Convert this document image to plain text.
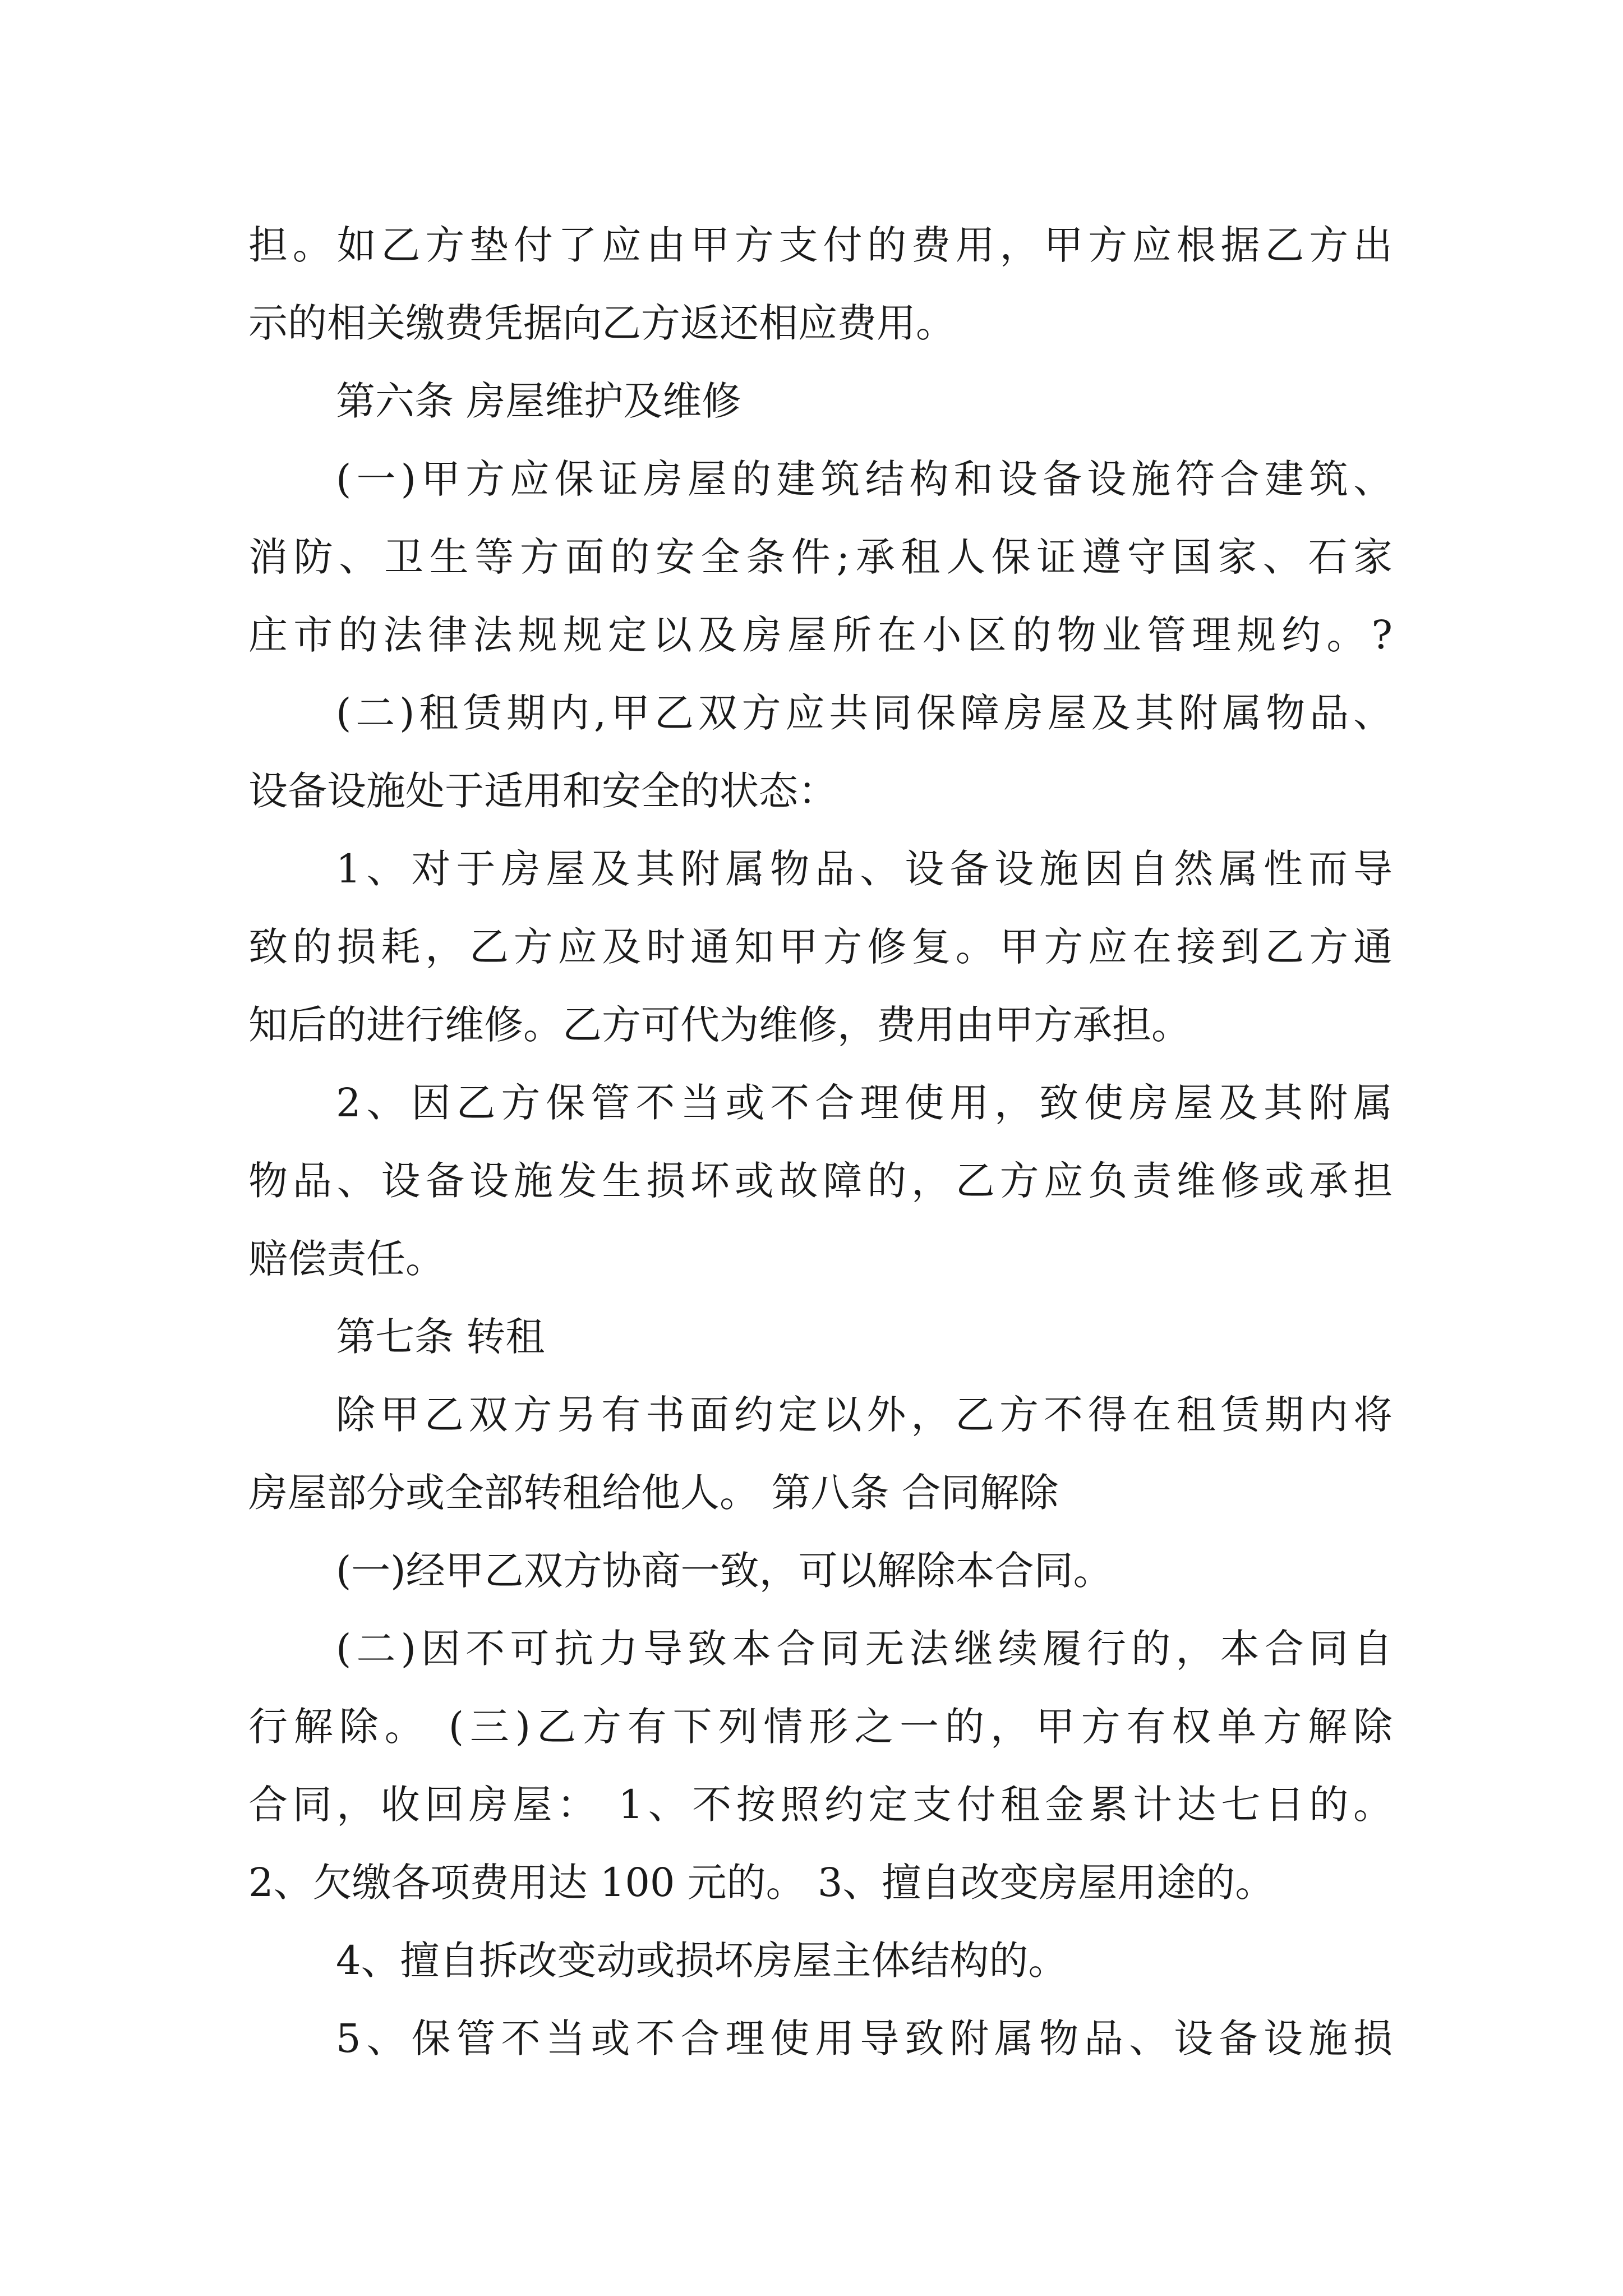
担。如乙方垫付了应由甲方支付的费用，甲方应根据乙方出

示的相关缴费凭据向乙方返还相应费用。

第六条 房屋维护及维修

(一)甲方应保证房屋的建筑结构和设备设施符合建筑、

消防、卫生等方面的安全条件;承租人保证遵守国家、石家

庄市的法律法规规定以及房屋所在小区的物业管理规约。?

(二)租赁期内,甲乙双方应共同保障房屋及其附属物品、

设备设施处于适用和安全的状态：

1、对于房屋及其附属物品、设备设施因自然属性而导

致的损耗，乙方应及时通知甲方修复。甲方应在接到乙方通

知后的进行维修。乙方可代为维修，费用由甲方承担。

2、因乙方保管不当或不合理使用，致使房屋及其附属

物品、设备设施发生损坏或故障的，乙方应负责维修或承担

赔偿责任。

第七条 转租

除甲乙双方另有书面约定以外，乙方不得在租赁期内将

房屋部分或全部转租给他人。 第八条 合同解除

(一)经甲乙双方协商一致，可以解除本合同。

(二)因不可抗力导致本合同无法继续履行的，本合同自

行解除。 (三)乙方有下列情形之一的，甲方有权单方解除

合同，收回房屋： 1、不按照约定支付租金累计达七日的。

2、欠缴各项费用达 100 元的。 3、擅自改变房屋用途的。

4、擅自拆改变动或损坏房屋主体结构的。

5、保管不当或不合理使用导致附属物品、设备设施损
